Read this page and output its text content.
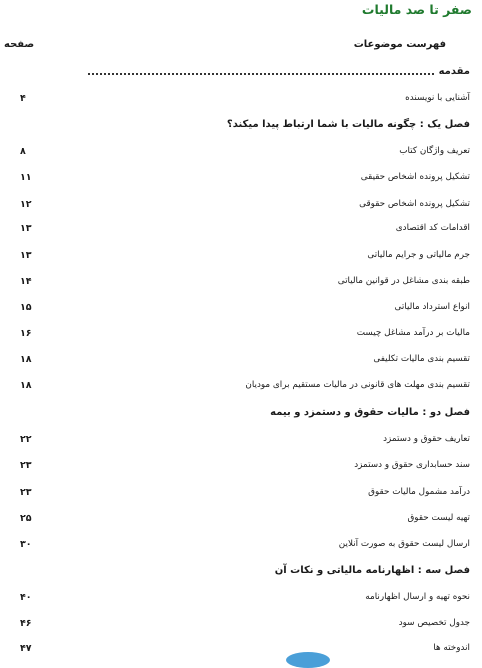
صفر تا صد مالیات
فهرست موضوعات
صفحه
مقدمه
آشنایی با نویسنده
۴
فصل یک : چگونه مالیات با شما ارتباط پیدا میکند؟
تعریف واژگان کتاب
۸
تشکیل پرونده اشخاص حقیقی
۱۱
تشکیل پرونده اشخاص حقوقی
۱۲
اقدامات کد اقتصادی
۱۳
جرم مالیاتی و جرایم مالیاتی
۱۳
طبقه بندی مشاغل در قوانین مالیاتی
۱۴
انواع استرداد مالیاتی
۱۵
مالیات بر درآمد مشاغل چیست
۱۶
تقسیم بندی مالیات تکلیفی
۱۸
تقسیم بندی مهلت های قانونی در مالیات مستقیم برای مودیان
۱۸
فصل دو : مالیات حقوق و دستمزد و بیمه
تعاریف حقوق و دستمزد
۲۲
سند حسابداری حقوق و دستمزد
۲۳
درآمد مشمول مالیات حقوق
۲۳
تهیه لیست حقوق
۲۵
ارسال لیست حقوق به صورت آنلاین
۳۰
فصل سه : اظهارنامه مالیاتی و نکات آن
نحوه تهیه و ارسال اظهارنامه
۴۰
جدول تخصیص سود
۴۶
اندوخته ها
۴۷
